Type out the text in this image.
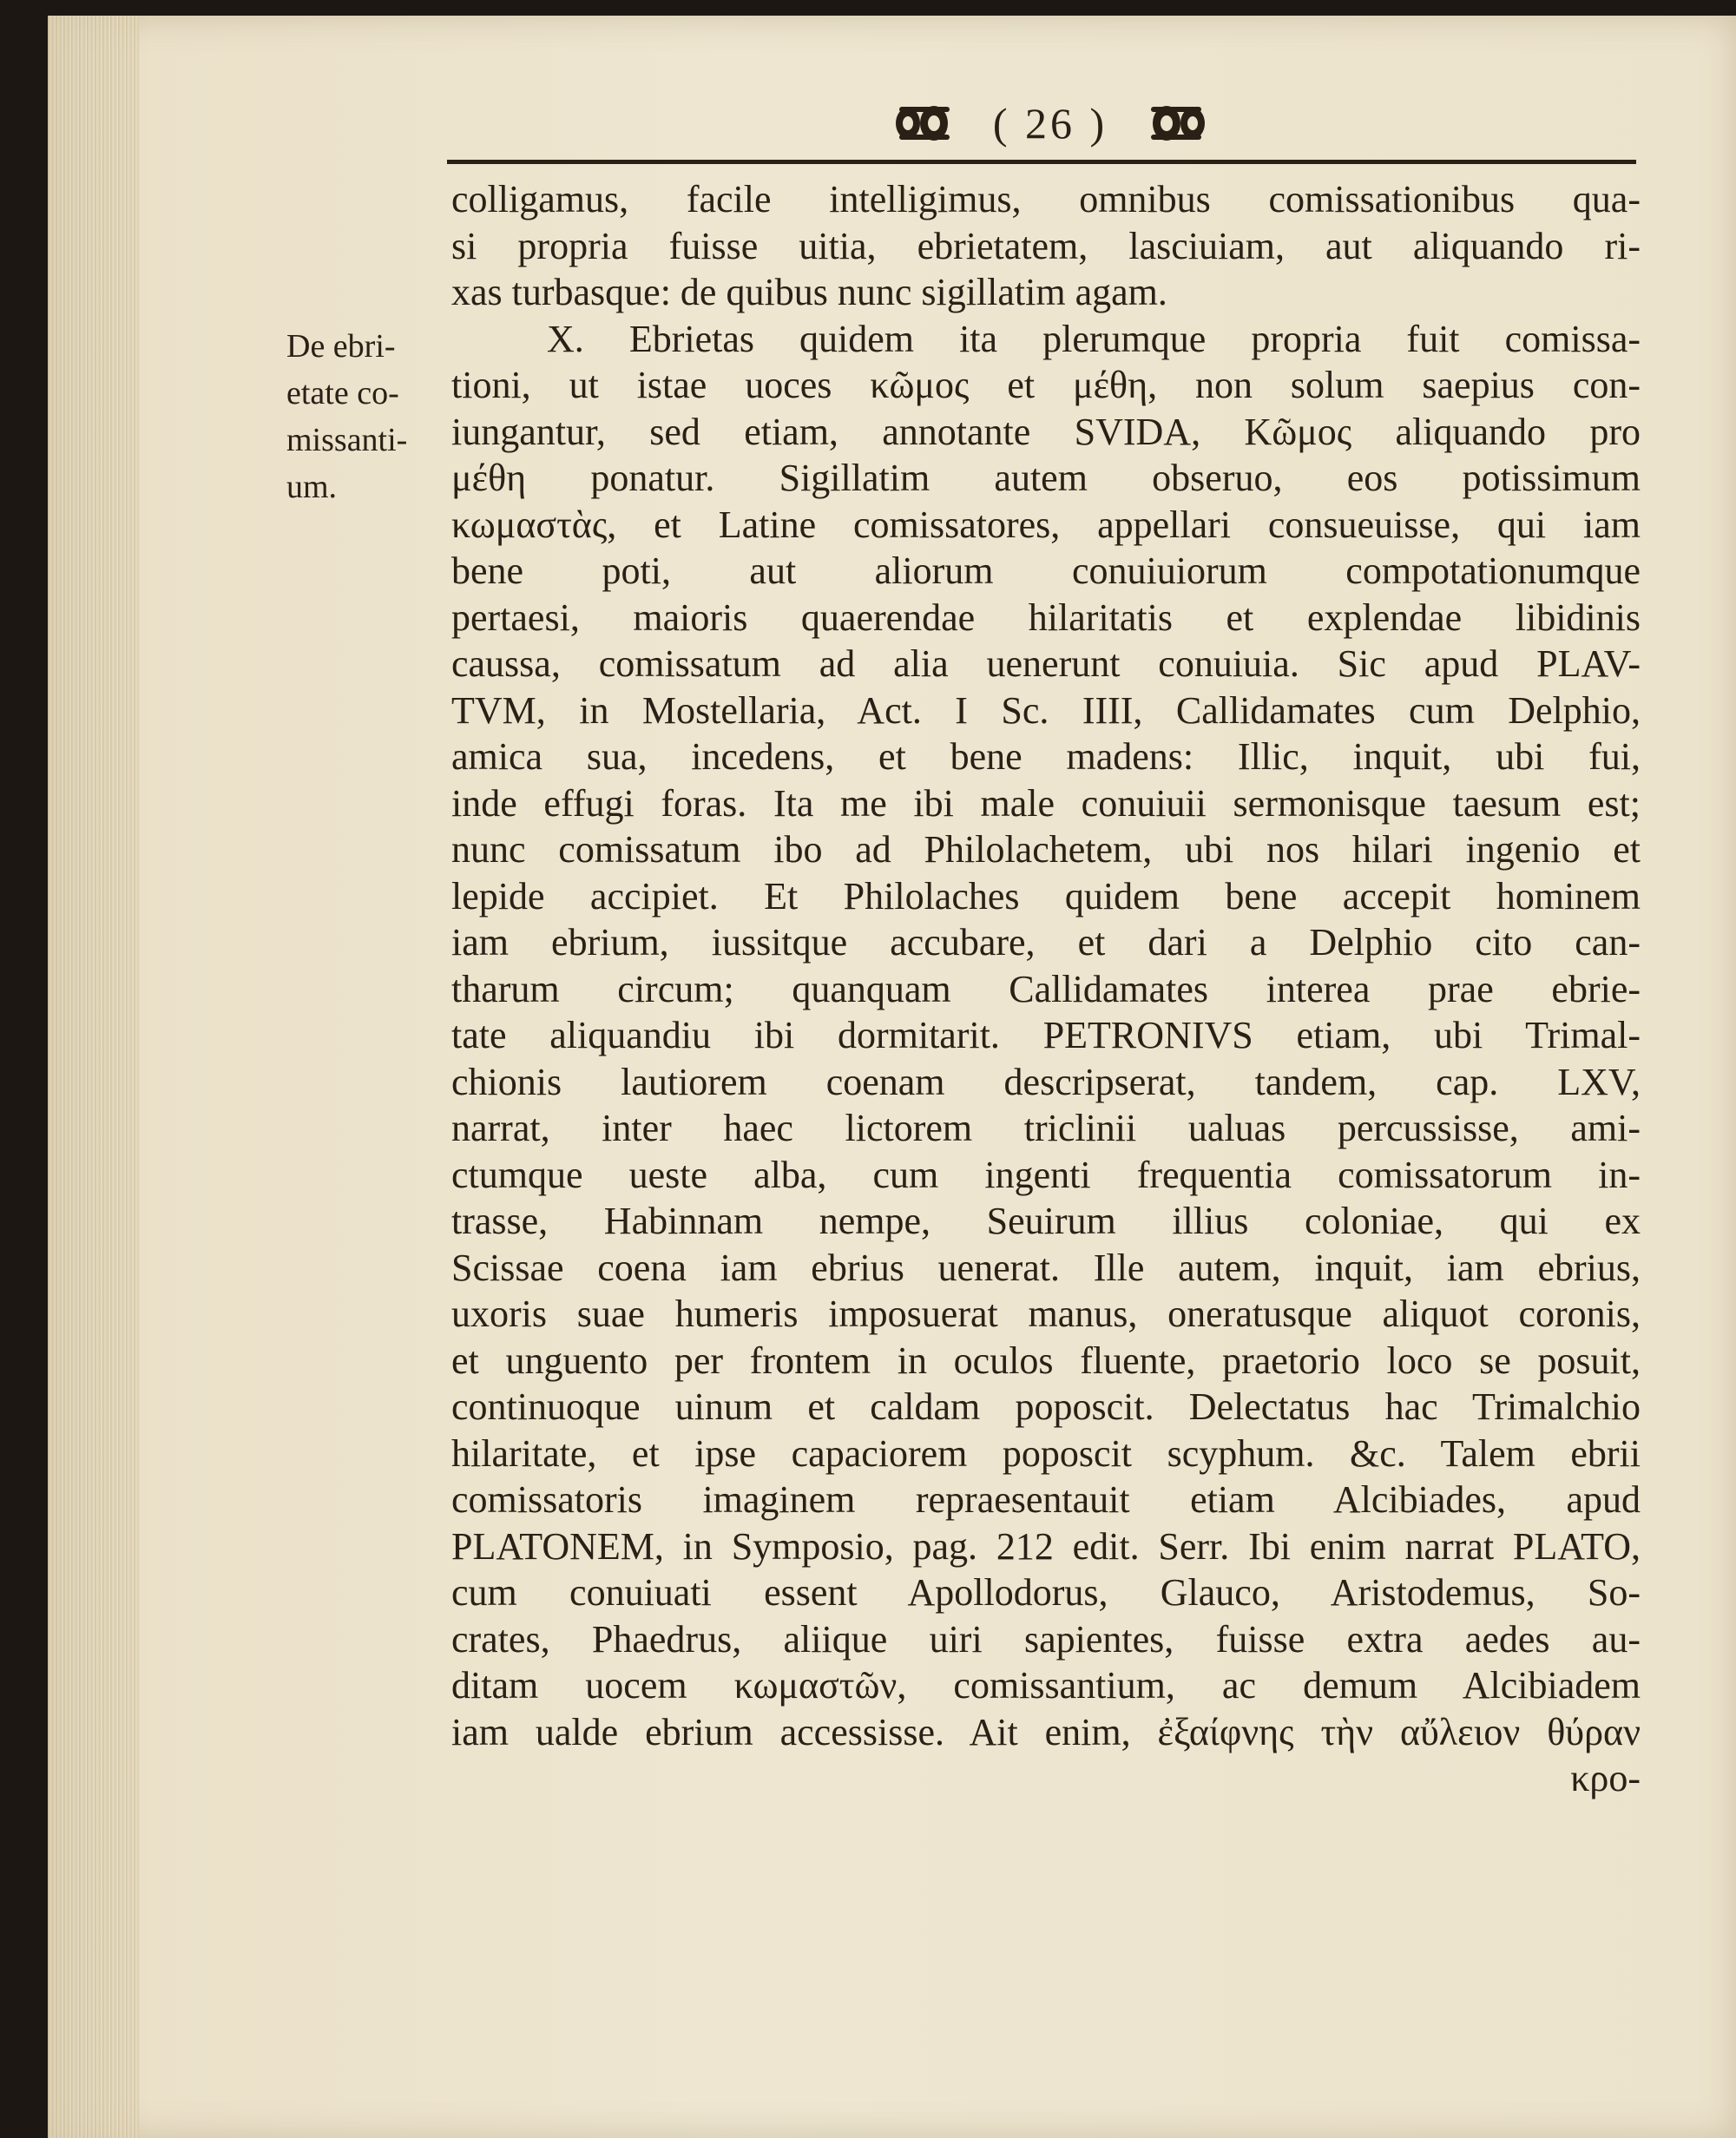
( 26 )
De ebri-
etate co-
missanti-
um.
colligamus, facile intelligimus, omnibus comissationibus qua-
si propria fuisse uitia, ebrietatem, lasciuiam, aut aliquando ri-
xas turbasque: de quibus nunc sigillatim agam.
X. Ebrietas quidem ita plerumque propria fuit comissa-
tioni, ut istae uoces κῶμος et μέθη, non solum saepius con-
iungantur, sed etiam, annotante SVIDA, Κῶμος aliquando pro
μέθη ponatur. Sigillatim autem obseruo, eos potissimum
κωμαστὰς, et Latine comissatores, appellari consueuisse, qui iam
bene poti, aut aliorum conuiuiorum compotationumque
pertaesi, maioris quaerendae hilaritatis et explendae libidinis
caussa, comissatum ad alia uenerunt conuiuia. Sic apud PLAV-
TVM, in Mostellaria, Act. I Sc. IIII, Callidamates cum Delphio,
amica sua, incedens, et bene madens: Illic, inquit, ubi fui,
inde effugi foras. Ita me ibi male conuiuii sermonisque taesum est;
nunc comissatum ibo ad Philolachetem, ubi nos hilari ingenio et
lepide accipiet. Et Philolaches quidem bene accepit hominem
iam ebrium, iussitque accubare, et dari a Delphio cito can-
tharum circum; quanquam Callidamates interea prae ebrie-
tate aliquandiu ibi dormitarit. PETRONIVS etiam, ubi Trimal-
chionis lautiorem coenam descripserat, tandem, cap. LXV,
narrat, inter haec lictorem triclinii ualuas percussisse, ami-
ctumque ueste alba, cum ingenti frequentia comissatorum in-
trasse, Habinnam nempe, Seuirum illius coloniae, qui ex
Scissae coena iam ebrius uenerat. Ille autem, inquit, iam ebrius,
uxoris suae humeris imposuerat manus, oneratusque aliquot coronis,
et unguento per frontem in oculos fluente, praetorio loco se posuit,
continuoque uinum et caldam poposcit. Delectatus hac Trimalchio
hilaritate, et ipse capaciorem poposcit scyphum. &c. Talem ebrii
comissatoris imaginem repraesentauit etiam Alcibiades, apud
PLATONEM, in Symposio, pag. 212 edit. Serr. Ibi enim narrat PLATO,
cum conuiuati essent Apollodorus, Glauco, Aristodemus, So-
crates, Phaedrus, aliique uiri sapientes, fuisse extra aedes au-
ditam uocem κωμαστῶν, comissantium, ac demum Alcibiadem
iam ualde ebrium accessisse. Ait enim, ἐξαίφνης τὴν αὔλειον θύραν
κρο-
